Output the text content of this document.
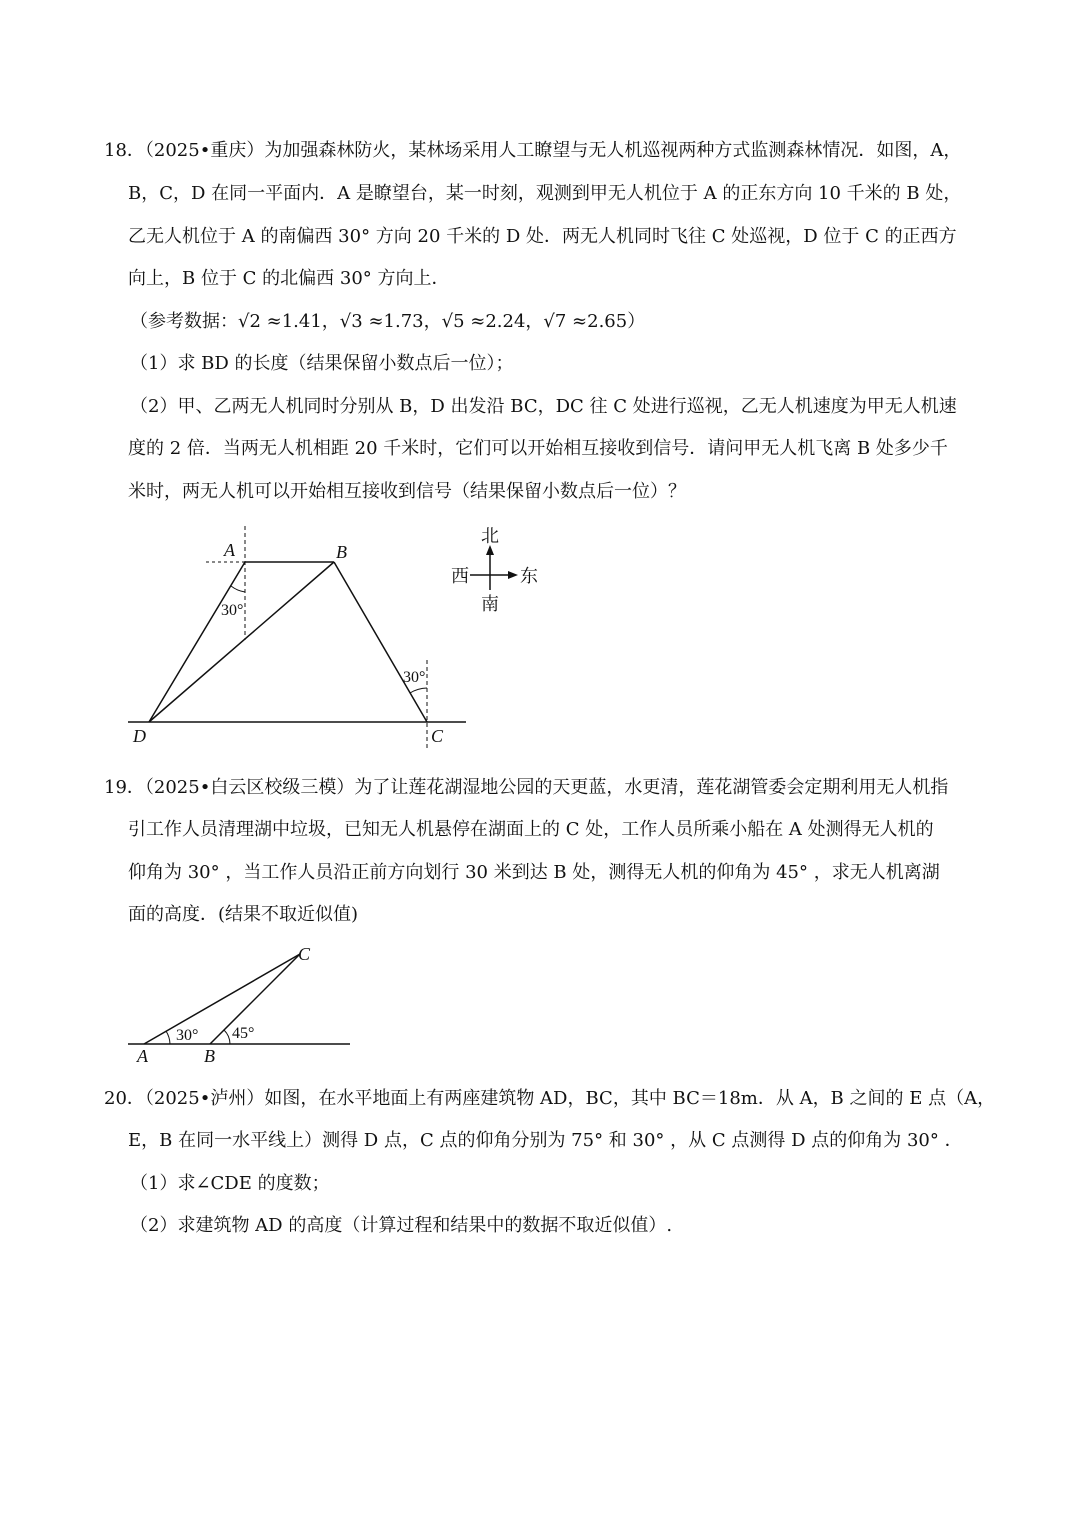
18．（2025•重庆）为加强森林防火，某林场采用人工瞭望与无人机巡视两种方式监测森林情况．如图，A，
B，C，D 在同一平面内．A 是瞭望台，某一时刻，观测到甲无人机位于 A 的正东方向 10 千米的 B 处，
乙无人机位于 A 的南偏西 30° 方向 20 千米的 D 处．两无人机同时飞往 C 处巡视，D 位于 C 的正西方
向上，B 位于 C 的北偏西 30° 方向上．
（参考数据：√2 ≈1.41，√3 ≈1.73，√5 ≈2.24，√7 ≈2.65）
（1）求 BD 的长度（结果保留小数点后一位）；
（2）甲、乙两无人机同时分别从 B，D 出发沿 BC，DC 往 C 处进行巡视，乙无人机速度为甲无人机速
度的 2 倍．当两无人机相距 20 千米时，它们可以开始相互接收到信号．请问甲无人机飞离 B 处多少千
米时，两无人机可以开始相互接收到信号（结果保留小数点后一位）？
A	B
D	C
30°
30°
北
西	东
南
19．（2025•白云区校级三模）为了让莲花湖湿地公园的天更蓝，水更清，莲花湖管委会定期利用无人机指
引工作人员清理湖中垃圾，已知无人机悬停在湖面上的 C 处，工作人员所乘小船在 A 处测得无人机的
仰角为 30° ，当工作人员沿正前方向划行 30 米到达 B 处，测得无人机的仰角为 45° ，求无人机离湖
面的高度．(结果不取近似值)
A	B
C
30° 45°
20．（2025•泸州）如图，在水平地面上有两座建筑物 AD，BC，其中 BC＝18m．从 A，B 之间的 E 点（A，
E，B 在同一水平线上）测得 D 点，C 点的仰角分别为 75° 和 30° ，从 C 点测得 D 点的仰角为 30° ．
（1）求∠CDE 的度数；
（2）求建筑物 AD 的高度（计算过程和结果中的数据不取近似值）.
